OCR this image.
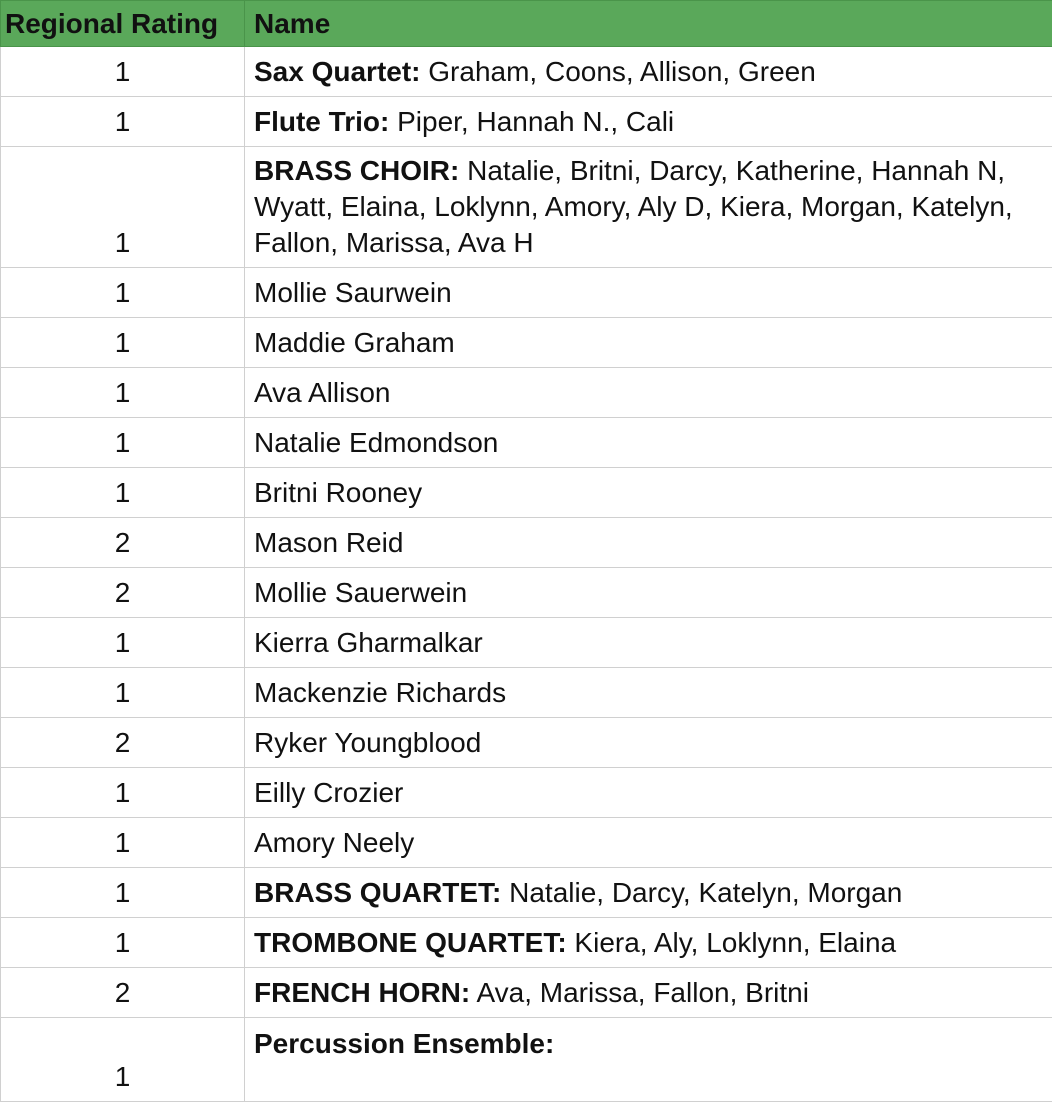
Regional Rating	Name
1	Sax Quartet: Graham, Coons, Allison, Green
1	Flute Trio: Piper, Hannah N., Cali
1	BRASS CHOIR: Natalie, Britni, Darcy, Katherine, Hannah N, Wyatt, Elaina, Loklynn, Amory, Aly D, Kiera, Morgan, Katelyn, Fallon, Marissa, Ava H
1	Mollie Saurwein
1	Maddie Graham
1	Ava Allison
1	Natalie Edmondson
1	Britni Rooney
2	Mason Reid
2	Mollie Sauerwein
1	Kierra Gharmalkar
1	Mackenzie Richards
2	Ryker Youngblood
1	Eilly Crozier
1	Amory Neely
1	BRASS QUARTET: Natalie, Darcy, Katelyn, Morgan
1	TROMBONE QUARTET: Kiera, Aly, Loklynn, Elaina
2	FRENCH HORN: Ava, Marissa, Fallon, Britni
1	Percussion Ensemble:
